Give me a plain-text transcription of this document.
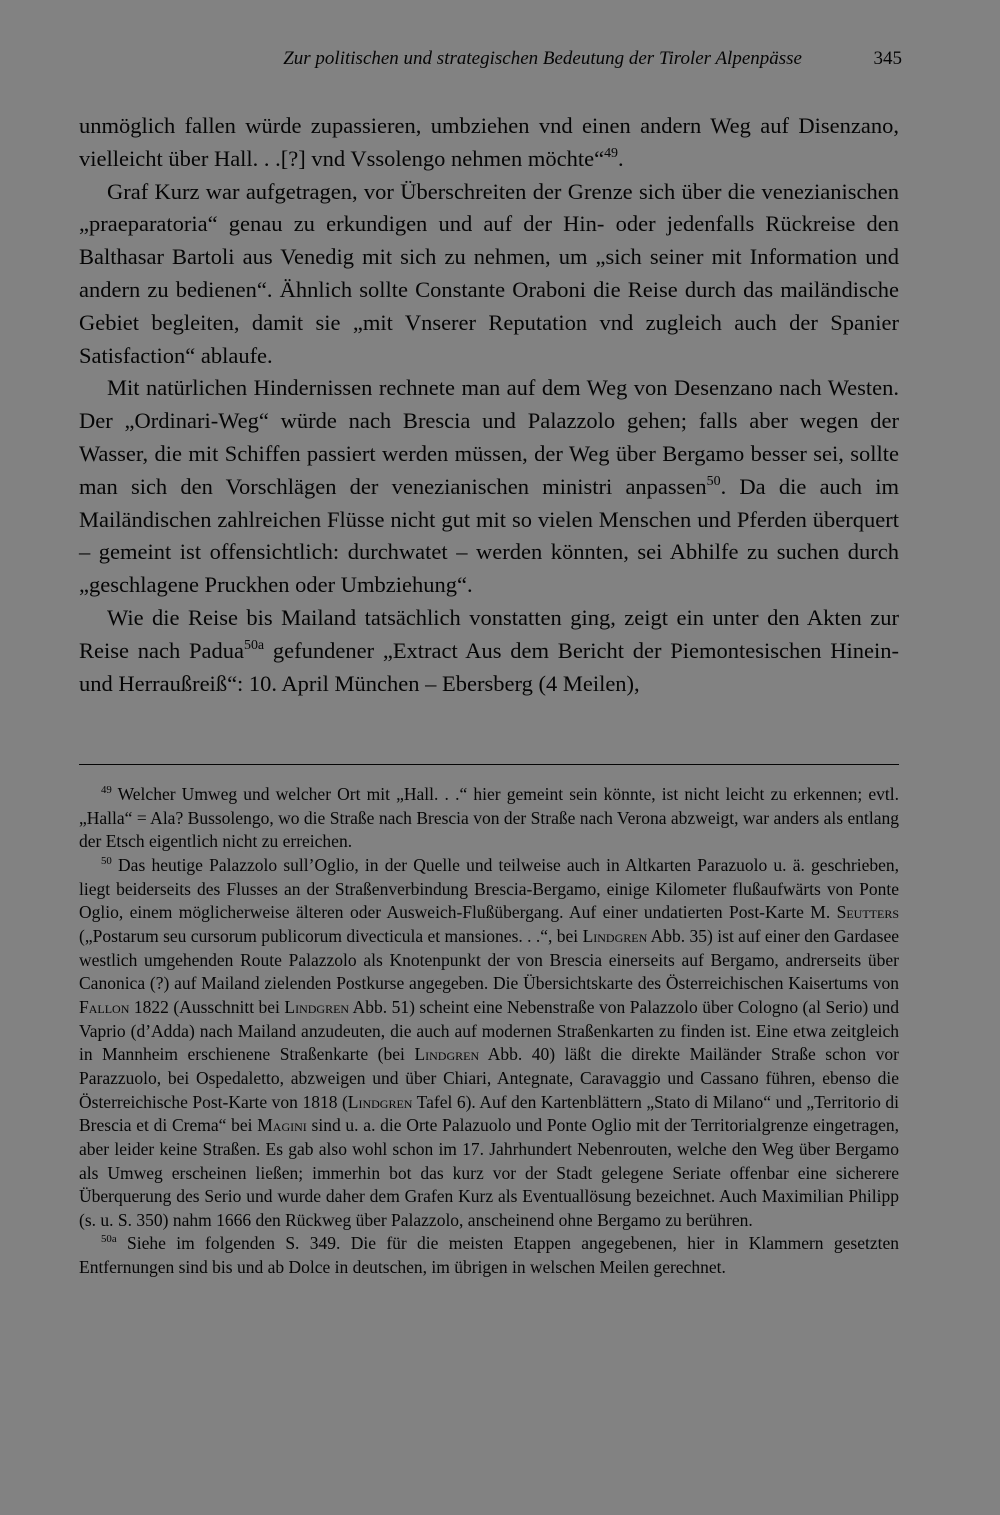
Zur politischen und strategischen Bedeutung der Tiroler Alpenpässe	345

unmöglich fallen würde zupassieren, umbziehen vnd einen andern Weg auf Disenzano, vielleicht über Hall. . .[?] vnd Vssolengo nehmen möchte“$^{49}$.

Graf Kurz war aufgetragen, vor Überschreiten der Grenze sich über die venezianischen „praeparatoria“ genau zu erkundigen und auf der Hin- oder jedenfalls Rückreise den Balthasar Bartoli aus Venedig mit sich zu nehmen, um „sich seiner mit Information und andern zu bedienen“. Ähnlich sollte Constante Oraboni die Reise durch das mailändische Gebiet begleiten, damit sie „mit Vnserer Reputation vnd zugleich auch der Spanier Satisfaction“ ablaufe.

Mit natürlichen Hindernissen rechnete man auf dem Weg von Desenzano nach Westen. Der „Ordinari-Weg“ würde nach Brescia und Palazzolo gehen; falls aber wegen der Wasser, die mit Schiffen passiert werden müssen, der Weg über Bergamo besser sei, sollte man sich den Vorschlägen der venezianischen ministri anpassen$^{50}$. Da die auch im Mailändischen zahlreichen Flüsse nicht gut mit so vielen Menschen und Pferden überquert – gemeint ist offensichtlich: durchwatet – werden könnten, sei Abhilfe zu suchen durch „geschlagene Pruckhen oder Umbziehung“.

Wie die Reise bis Mailand tatsächlich vonstatten ging, zeigt ein unter den Akten zur Reise nach Padua$^{50a}$ gefundener „Extract Aus dem Bericht der Piemontesischen Hinein- und Herraußreiß“: 10. April München – Ebersberg (4 Meilen),

$^{49}$ Welcher Umweg und welcher Ort mit „Hall. . .“ hier gemeint sein könnte, ist nicht leicht zu erkennen; evtl. „Halla“ = Ala? Bussolengo, wo die Straße nach Brescia von der Straße nach Verona abzweigt, war anders als entlang der Etsch eigentlich nicht zu erreichen.

$^{50}$ Das heutige Palazzolo sull’Oglio, in der Quelle und teilweise auch in Altkarten Parazuolo u. ä. geschrieben, liegt beiderseits des Flusses an der Straßenverbindung Brescia-Bergamo, einige Kilometer flußaufwärts von Ponte Oglio, einem möglicherweise älteren oder Ausweich-Flußübergang. Auf einer undatierten Post-Karte M. Seutters („Postarum seu cursorum publicorum divecticula et mansiones. . .“, bei Lindgren Abb. 35) ist auf einer den Gardasee westlich umgehenden Route Palazzolo als Knotenpunkt der von Brescia einerseits auf Bergamo, andrerseits über Canonica (?) auf Mailand zielenden Postkurse angegeben. Die Übersichtskarte des Österreichischen Kaisertums von Fallon 1822 (Ausschnitt bei Lindgren Abb. 51) scheint eine Nebenstraße von Palazzolo über Cologno (al Serio) und Vaprio (d’Adda) nach Mailand anzudeuten, die auch auf modernen Straßenkarten zu finden ist. Eine etwa zeitgleich in Mannheim erschienene Straßenkarte (bei Lindgren Abb. 40) läßt die direkte Mailänder Straße schon vor Parazzuolo, bei Ospedaletto, abzweigen und über Chiari, Antegnate, Caravaggio und Cassano führen, ebenso die Österreichische Post-Karte von 1818 (Lindgren Tafel 6). Auf den Kartenblättern „Stato di Milano“ und „Territorio di Brescia et di Crema“ bei Magini sind u. a. die Orte Palazuolo und Ponte Oglio mit der Territorialgrenze eingetragen, aber leider keine Straßen. Es gab also wohl schon im 17. Jahrhundert Nebenrouten, welche den Weg über Bergamo als Umweg erscheinen ließen; immerhin bot das kurz vor der Stadt gelegene Seriate offenbar eine sicherere Überquerung des Serio und wurde daher dem Grafen Kurz als Eventuallösung bezeichnet. Auch Maximilian Philipp (s. u. S. 350) nahm 1666 den Rückweg über Palazzolo, anscheinend ohne Bergamo zu berühren.

$^{50a}$ Siehe im folgenden S. 349. Die für die meisten Etappen angegebenen, hier in Klammern gesetzten Entfernungen sind bis und ab Dolce in deutschen, im übrigen in welschen Meilen gerechnet.
